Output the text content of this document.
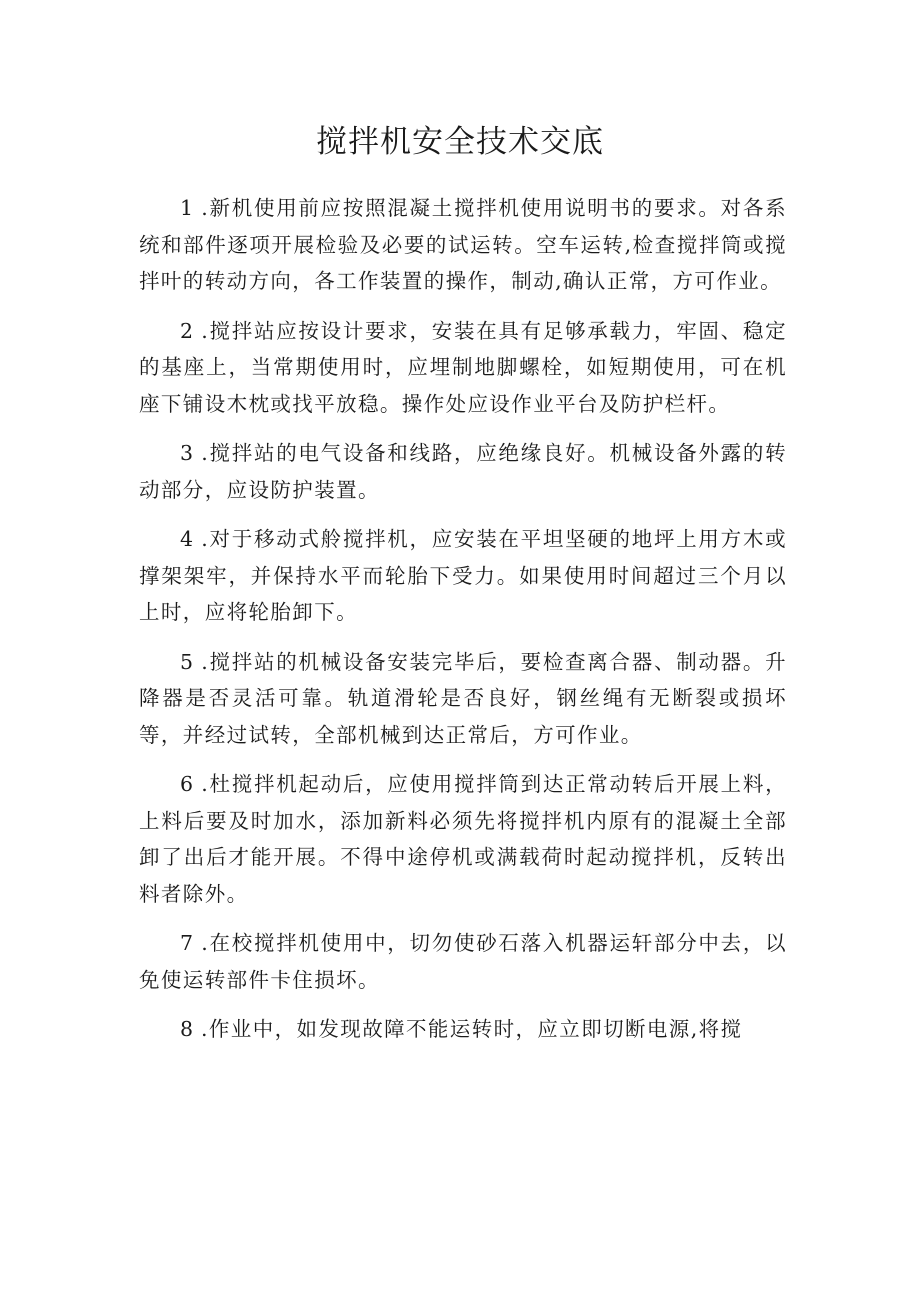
搅拌机安全技术交底

1 .新机使用前应按照混凝土搅拌机使用说明书的要求。对各系统和部件逐项开展检验及必要的试运转。空车运转,检查搅拌筒或搅拌叶的转动方向，各工作装置的操作，制动,确认正常，方可作业。

2 .搅拌站应按设计要求，安装在具有足够承载力，牢固、稳定的基座上，当常期使用时，应埋制地脚螺栓，如短期使用，可在机座下铺设木枕或找平放稳。操作处应设作业平台及防护栏杆。

3 .搅拌站的电气设备和线路，应绝缘良好。机械设备外露的转动部分，应设防护装置。

4 .对于移动式舲搅拌机，应安装在平坦坚硬的地坪上用方木或撑架架牢，并保持水平而轮胎下受力。如果使用时间超过三个月以上时，应将轮胎卸下。

5 .搅拌站的机械设备安装完毕后，要检查离合器、制动器。升降器是否灵活可靠。轨道滑轮是否良好，钢丝绳有无断裂或损坏等，并经过试转，全部机械到达正常后，方可作业。

6 .杜搅拌机起动后，应使用搅拌筒到达正常动转后开展上料，上料后要及时加水，添加新料必须先将搅拌机内原有的混凝土全部卸了出后才能开展。不得中途停机或满载荷时起动搅拌机，反转出料者除外。

7 .在校搅拌机使用中，切勿使砂石落入机器运轩部分中去，以免使运转部件卡住损坏。

8 .作业中，如发现故障不能运转时，应立即切断电源,将搅
